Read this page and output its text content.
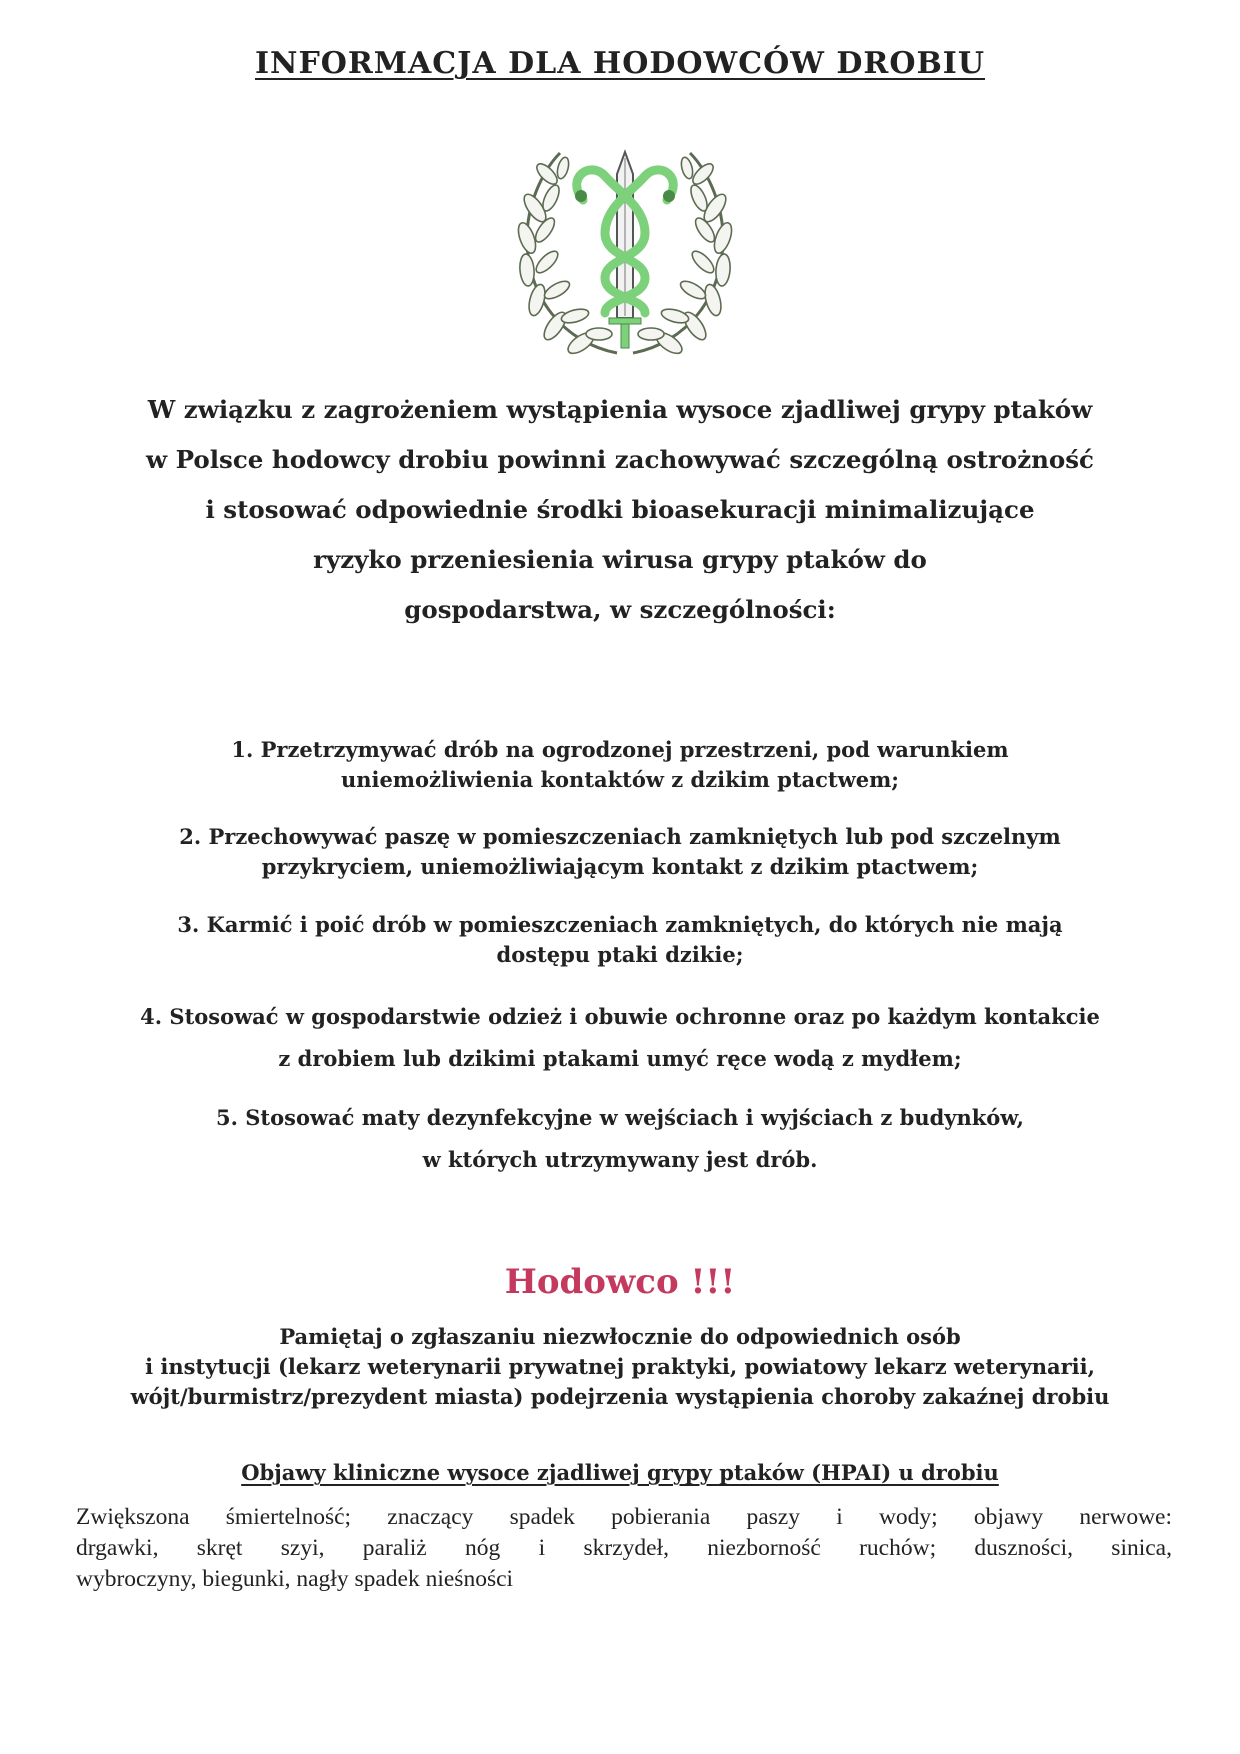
INFORMACJA DLA HODOWCÓW DROBIU
W związku z zagrożeniem wystąpienia wysoce zjadliwej grypy ptaków
w Polsce hodowcy drobiu powinni zachowywać szczególną ostrożność
i stosować odpowiednie środki bioasekuracji minimalizujące
ryzyko przeniesienia wirusa grypy ptaków do
gospodarstwa, w szczególności:
1. Przetrzymywać drób na ogrodzonej przestrzeni, pod warunkiem
uniemożliwienia kontaktów z dzikim ptactwem;
2. Przechowywać paszę w pomieszczeniach zamkniętych lub pod szczelnym
przykryciem, uniemożliwiającym kontakt z dzikim ptactwem;
3. Karmić i poić drób w pomieszczeniach zamkniętych, do których nie mają
dostępu ptaki dzikie;
4. Stosować w gospodarstwie odzież i obuwie ochronne oraz po każdym kontakcie
z drobiem lub dzikimi ptakami umyć ręce wodą z mydłem;
5. Stosować maty dezynfekcyjne w wejściach i wyjściach z budynków,
w których utrzymywany jest drób.
Hodowco !!!
Pamiętaj o zgłaszaniu niezwłocznie do odpowiednich osób
i instytucji (lekarz weterynarii prywatnej praktyki, powiatowy lekarz weterynarii,
wójt/burmistrz/prezydent miasta) podejrzenia wystąpienia choroby zakaźnej drobiu
Objawy kliniczne wysoce zjadliwej grypy ptaków (HPAI) u drobiu
Zwiększona śmiertelność; znaczący spadek pobierania paszy i wody; objawy nerwowe:
drgawki, skręt szyi, paraliż nóg i skrzydeł, niezborność ruchów; duszności, sinica,
wybroczyny, biegunki, nagły spadek nieśności
